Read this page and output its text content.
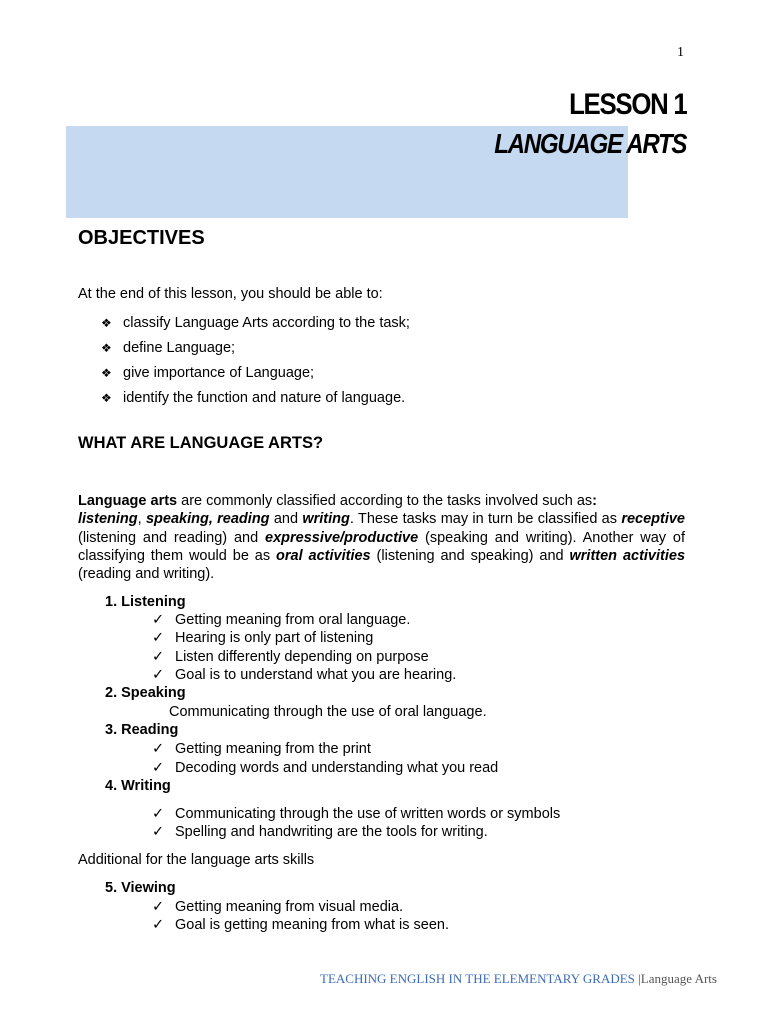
1
LESSON 1
LANGUAGE ARTS
OBJECTIVES
At the end of this lesson, you should be able to:
❖ classify Language Arts according to the task;
❖ define Language;
❖ give importance of Language;
❖ identify the function and nature of language.
WHAT ARE LANGUAGE ARTS?
Language arts are commonly classified according to the tasks involved such as:
listening, speaking, reading and writing. These tasks may in turn be classified as receptive (listening and reading) and expressive/productive (speaking and writing). Another way of classifying them would be as oral activities (listening and speaking) and written activities (reading and writing).
1. Listening
✓ Getting meaning from oral language.
✓ Hearing is only part of listening
✓ Listen differently depending on purpose
✓ Goal is to understand what you are hearing.
2. Speaking
Communicating through the use of oral language.
3. Reading
✓ Getting meaning from the print
✓ Decoding words and understanding what you read
4. Writing
✓ Communicating through the use of written words or symbols
✓ Spelling and handwriting are the tools for writing.
Additional for the language arts skills
5. Viewing
✓ Getting meaning from visual media.
✓ Goal is getting meaning from what is seen.
TEACHING ENGLISH IN THE ELEMENTARY GRADES |Language Arts
